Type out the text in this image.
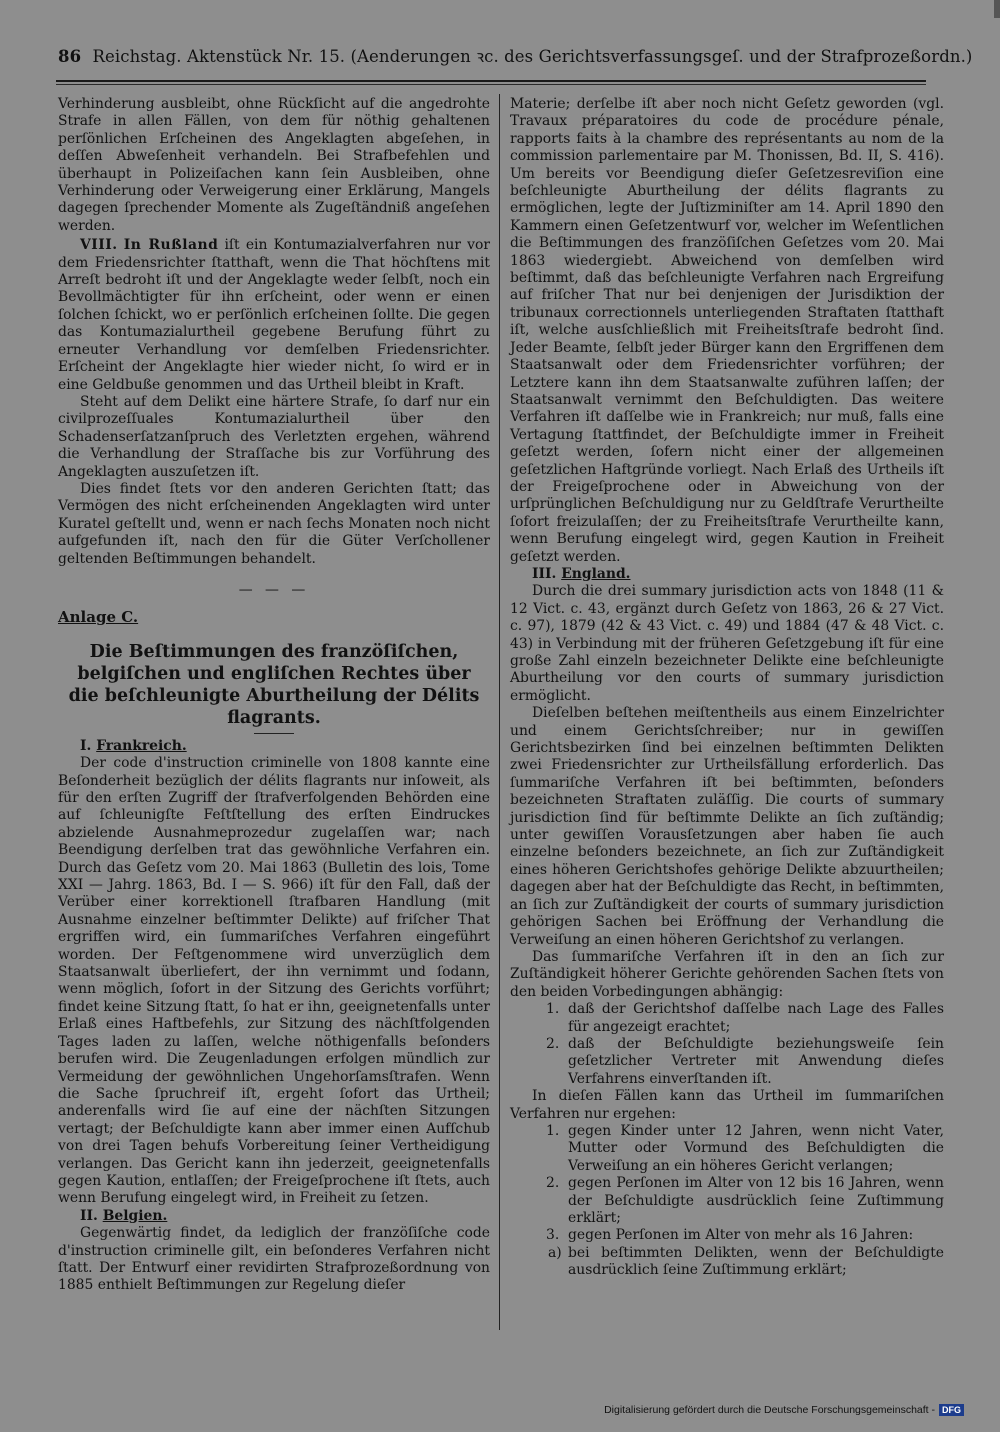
86 Reichstag. Aktenstück Nr. 15. (Aenderungen ꝛc. des Gerichtsverfassungsgeſ. und der Strafprozeßordn.)

Verhinderung ausbleibt, ohne Rückſicht auf die angedrohte Strafe in allen Fällen, von dem für nöthig gehaltenen perſönlichen Erſcheinen des Angeklagten abgeſehen, in deſſen Abweſenheit verhandeln. Bei Strafbefehlen und überhaupt in Polizeiſachen kann ſein Ausbleiben, ohne Verhinderung oder Verweigerung einer Erklärung, Mangels dagegen ſprechender Momente als Zugeſtändniß angeſehen werden.

VIII. In Rußland iſt ein Kontumazialverfahren nur vor dem Friedensrichter ſtatthaft, wenn die That höchſtens mit Arreſt bedroht iſt und der Angeklagte weder ſelbſt, noch ein Bevollmächtigter für ihn erſcheint, oder wenn er einen ſolchen ſchickt, wo er perſönlich erſcheinen ſollte. Die gegen das Kontumazialurtheil gegebene Berufung führt zu erneuter Verhandlung vor demſelben Friedensrichter. Erſcheint der Angeklagte hier wieder nicht, ſo wird er in eine Geldbuße genommen und das Urtheil bleibt in Kraft.

Steht auf dem Delikt eine härtere Strafe, ſo darf nur ein civilprozeſſuales Kontumazialurtheil über den Schadenserſatzanſpruch des Verletzten ergehen, während die Verhandlung der Straſſache bis zur Vorführung des Angeklagten auszuſetzen iſt.

Dies findet ſtets vor den anderen Gerichten ſtatt; das Vermögen des nicht erſcheinenden Angeklagten wird unter Kuratel geſtellt und, wenn er nach ſechs Monaten noch nicht aufgefunden iſt, nach den für die Güter Verſchollener geltenden Beſtimmungen behandelt.

— — —

Anlage C.

Die Beſtimmungen des franzöſiſchen, belgiſchen und engliſchen Rechtes über die beſchleunigte Aburtheilung der Délits flagrants.

I. Frankreich.

Der code d'instruction criminelle von 1808 kannte eine Beſonderheit bezüglich der délits flagrants nur inſoweit, als für den erſten Zugriff der ſtrafverfolgenden Behörden eine auf ſchleunigſte Feſtſtellung des erſten Eindruckes abzielende Ausnahmeprozedur zugelaſſen war; nach Beendigung derſelben trat das gewöhnliche Verfahren ein. Durch das Geſetz vom 20. Mai 1863 (Bulletin des lois, Tome XXI — Jahrg. 1863, Bd. I — S. 966) iſt für den Fall, daß der Verüber einer korrektionell ſtrafbaren Handlung (mit Ausnahme einzelner beſtimmter Delikte) auf friſcher That ergriffen wird, ein ſummariſches Verfahren eingeführt worden. Der Feſtgenommene wird unverzüglich dem Staatsanwalt überliefert, der ihn vernimmt und ſodann, wenn möglich, ſofort in der Sitzung des Gerichts vorführt; findet keine Sitzung ſtatt, ſo hat er ihn, geeignetenfalls unter Erlaß eines Haftbefehls, zur Sitzung des nächſtfolgenden Tages laden zu laſſen, welche nöthigenfalls beſonders berufen wird. Die Zeugenladungen erfolgen mündlich zur Vermeidung der gewöhnlichen Ungehorſamsſtrafen. Wenn die Sache ſpruchreif iſt, ergeht ſofort das Urtheil; anderenfalls wird ſie auf eine der nächſten Sitzungen vertagt; der Beſchuldigte kann aber immer einen Aufſchub von drei Tagen behufs Vorbereitung ſeiner Vertheidigung verlangen. Das Gericht kann ihn jederzeit, geeignetenfalls gegen Kaution, entlaſſen; der Freigeſprochene iſt ſtets, auch wenn Berufung eingelegt wird, in Freiheit zu ſetzen.

II. Belgien.

Gegenwärtig findet, da lediglich der franzöſiſche code d'instruction criminelle gilt, ein beſonderes Verfahren nicht ſtatt. Der Entwurf einer revidirten Strafprozeßordnung von 1885 enthielt Beſtimmungen zur Regelung dieſer

Materie; derſelbe iſt aber noch nicht Geſetz geworden (vgl. Travaux préparatoires du code de procédure pénale, rapports faits à la chambre des représentants au nom de la commission parlementaire par M. Thonissen, Bd. II, S. 416). Um bereits vor Beendigung dieſer Geſetzesreviſion eine beſchleunigte Aburtheilung der délits flagrants zu ermöglichen, legte der Juſtizminiſter am 14. April 1890 den Kammern einen Geſetzentwurf vor, welcher im Weſentlichen die Beſtimmungen des franzöſiſchen Geſetzes vom 20. Mai 1863 wiedergiebt. Abweichend von demſelben wird beſtimmt, daß das beſchleunigte Verfahren nach Ergreifung auf friſcher That nur bei denjenigen der Jurisdiktion der tribunaux correctionnels unterliegenden Straftaten ſtatthaft iſt, welche ausſchließlich mit Freiheitsſtrafe bedroht ſind. Jeder Beamte, ſelbſt jeder Bürger kann den Ergriffenen dem Staatsanwalt oder dem Friedensrichter vorführen; der Letztere kann ihn dem Staatsanwalte zuführen laſſen; der Staatsanwalt vernimmt den Beſchuldigten. Das weitere Verfahren iſt daſſelbe wie in Frankreich; nur muß, falls eine Vertagung ſtattfindet, der Beſchuldigte immer in Freiheit geſetzt werden, ſofern nicht einer der allgemeinen geſetzlichen Haftgründe vorliegt. Nach Erlaß des Urtheils iſt der Freigeſprochene oder in Abweichung von der urſprünglichen Beſchuldigung nur zu Geldſtrafe Verurtheilte ſofort freizulaſſen; der zu Freiheitsſtrafe Verurtheilte kann, wenn Berufung eingelegt wird, gegen Kaution in Freiheit geſetzt werden.

III. England.

Durch die drei summary jurisdiction acts von 1848 (11 & 12 Vict. c. 43, ergänzt durch Geſetz von 1863, 26 & 27 Vict. c. 97), 1879 (42 & 43 Vict. c. 49) und 1884 (47 & 48 Vict. c. 43) in Verbindung mit der früheren Geſetzgebung iſt für eine große Zahl einzeln bezeichneter Delikte eine beſchleunigte Aburtheilung vor den courts of summary jurisdiction ermöglicht.

Dieſelben beſtehen meiſtentheils aus einem Einzelrichter und einem Gerichtsſchreiber; nur in gewiſſen Gerichtsbezirken ſind bei einzelnen beſtimmten Delikten zwei Friedensrichter zur Urtheilsfällung erforderlich. Das ſummariſche Verfahren iſt bei beſtimmten, beſonders bezeichneten Straftaten zuläſſig. Die courts of summary jurisdiction ſind für beſtimmte Delikte an ſich zuſtändig; unter gewiſſen Vorausſetzungen aber haben ſie auch einzelne beſonders bezeichnete, an ſich zur Zuſtändigkeit eines höheren Gerichtshofes gehörige Delikte abzuurtheilen; dagegen aber hat der Beſchuldigte das Recht, in beſtimmten, an ſich zur Zuſtändigkeit der courts of summary jurisdiction gehörigen Sachen bei Eröffnung der Verhandlung die Verweiſung an einen höheren Gerichtshof zu verlangen.

Das ſummariſche Verfahren iſt in den an ſich zur Zuſtändigkeit höherer Gerichte gehörenden Sachen ſtets von den beiden Vorbedingungen abhängig:

1. daß der Gerichtshof daſſelbe nach Lage des Falles für angezeigt erachtet;
2. daß der Beſchuldigte beziehungsweiſe ſein geſetzlicher Vertreter mit Anwendung dieſes Verfahrens einverſtanden iſt.

In dieſen Fällen kann das Urtheil im ſummariſchen Verfahren nur ergehen:

1. gegen Kinder unter 12 Jahren, wenn nicht Vater, Mutter oder Vormund des Beſchuldigten die Verweiſung an ein höheres Gericht verlangen;
2. gegen Perſonen im Alter von 12 bis 16 Jahren, wenn der Beſchuldigte ausdrücklich ſeine Zuſtimmung erklärt;
3. gegen Perſonen im Alter von mehr als 16 Jahren:
a) bei beſtimmten Delikten, wenn der Beſchuldigte ausdrücklich ſeine Zuſtimmung erklärt;
Digitalisierung gefördert durch die Deutsche Forschungsgemeinschaft - DFG
